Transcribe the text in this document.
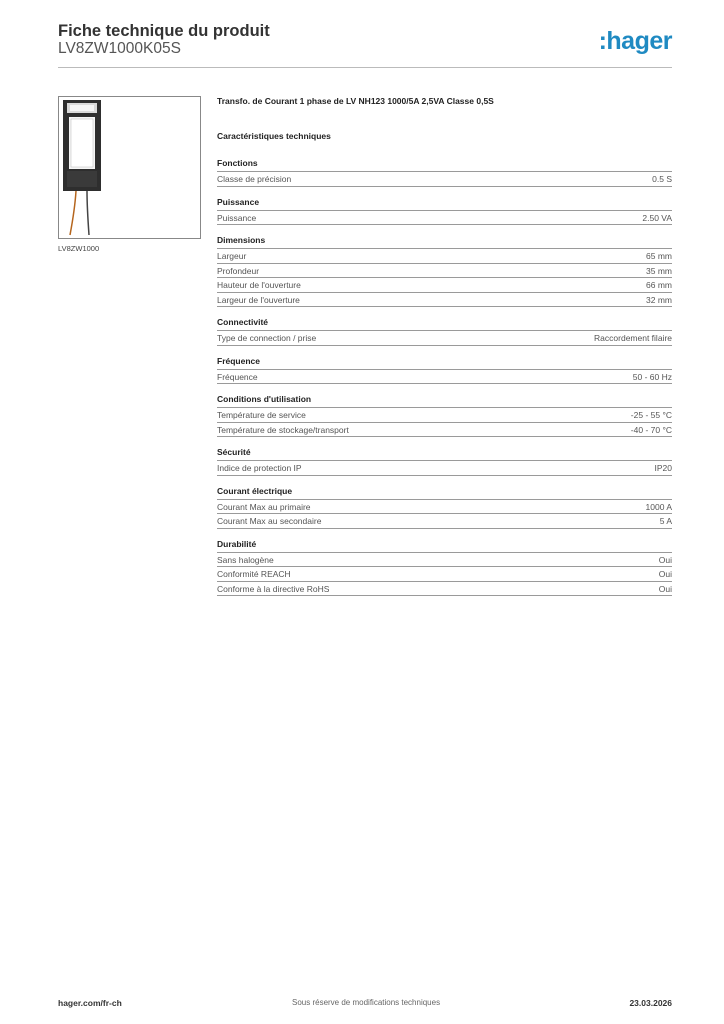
Fiche technique du produit
LV8ZW1000K05S	:hager
LV8ZW1000
Transfo. de Courant 1 phase de LV NH123 1000/5A 2,5VA Classe 0,5S
Caractéristiques techniques
Fonctions
Classe de précision	0.5 S
Puissance
Puissance	2.50 VA
Dimensions
Largeur	65 mm
Profondeur	35 mm
Hauteur de l'ouverture	66 mm
Largeur de l'ouverture	32 mm
Connectivité
Type de connection / prise	Raccordement filaire
Fréquence
Fréquence	50 - 60 Hz
Conditions d'utilisation
Température de service	-25 - 55 °C
Température de stockage/transport	-40 - 70 °C
Sécurité
Indice de protection IP	IP20
Courant électrique
Courant Max au primaire	1000 A
Courant Max au secondaire	5 A
Durabilité
Sans halogène	Oui
Conformité REACH	Oui
Conforme à la directive RoHS	Oui
hager.com/fr-ch	Sous réserve de modifications techniques	23.03.2026
